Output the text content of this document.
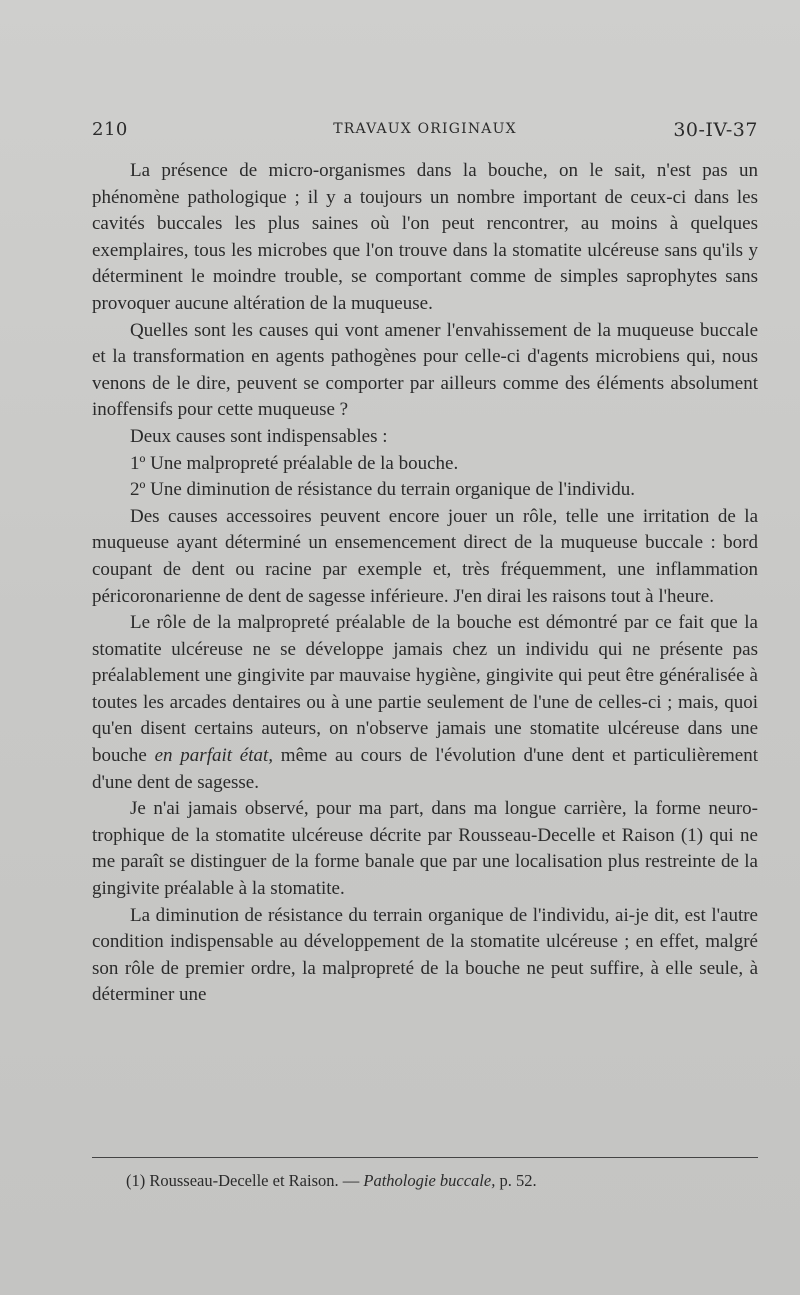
210	TRAVAUX ORIGINAUX	30-IV-37

La présence de micro-organismes dans la bouche, on le sait, n'est pas un phénomène pathologique ; il y a toujours un nombre important de ceux-ci dans les cavités buccales les plus saines où l'on peut rencontrer, au moins à quelques exemplaires, tous les microbes que l'on trouve dans la stomatite ulcéreuse sans qu'ils y déterminent le moindre trouble, se comportant comme de simples saprophytes sans provoquer aucune altération de la muqueuse.

Quelles sont les causes qui vont amener l'envahissement de la muqueuse buccale et la transformation en agents pathogènes pour celle-ci d'agents microbiens qui, nous venons de le dire, peuvent se comporter par ailleurs comme des éléments absolument inoffensifs pour cette muqueuse ?

Deux causes sont indispensables :

1º Une malpropreté préalable de la bouche.

2º Une diminution de résistance du terrain organique de l'individu.

Des causes accessoires peuvent encore jouer un rôle, telle une irritation de la muqueuse ayant déterminé un ensemencement direct de la muqueuse buccale : bord coupant de dent ou racine par exemple et, très fréquemment, une inflammation péricoronarienne de dent de sagesse inférieure. J'en dirai les raisons tout à l'heure.

Le rôle de la malpropreté préalable de la bouche est démontré par ce fait que la stomatite ulcéreuse ne se développe jamais chez un individu qui ne présente pas préalablement une gingivite par mauvaise hygiène, gingivite qui peut être généralisée à toutes les arcades dentaires ou à une partie seulement de l'une de celles-ci ; mais, quoi qu'en disent certains auteurs, on n'observe jamais une stomatite ulcéreuse dans une bouche en parfait état, même au cours de l'évolution d'une dent et particulièrement d'une dent de sagesse.

Je n'ai jamais observé, pour ma part, dans ma longue carrière, la forme neuro-trophique de la stomatite ulcéreuse décrite par Rousseau-Decelle et Raison (1) qui ne me paraît se distinguer de la forme banale que par une localisation plus restreinte de la gingivite préalable à la stomatite.

La diminution de résistance du terrain organique de l'individu, ai-je dit, est l'autre condition indispensable au développement de la stomatite ulcéreuse ; en effet, malgré son rôle de premier ordre, la malpropreté de la bouche ne peut suffire, à elle seule, à déterminer une

(1) Rousseau-Decelle et Raison. — Pathologie buccale, p. 52.
